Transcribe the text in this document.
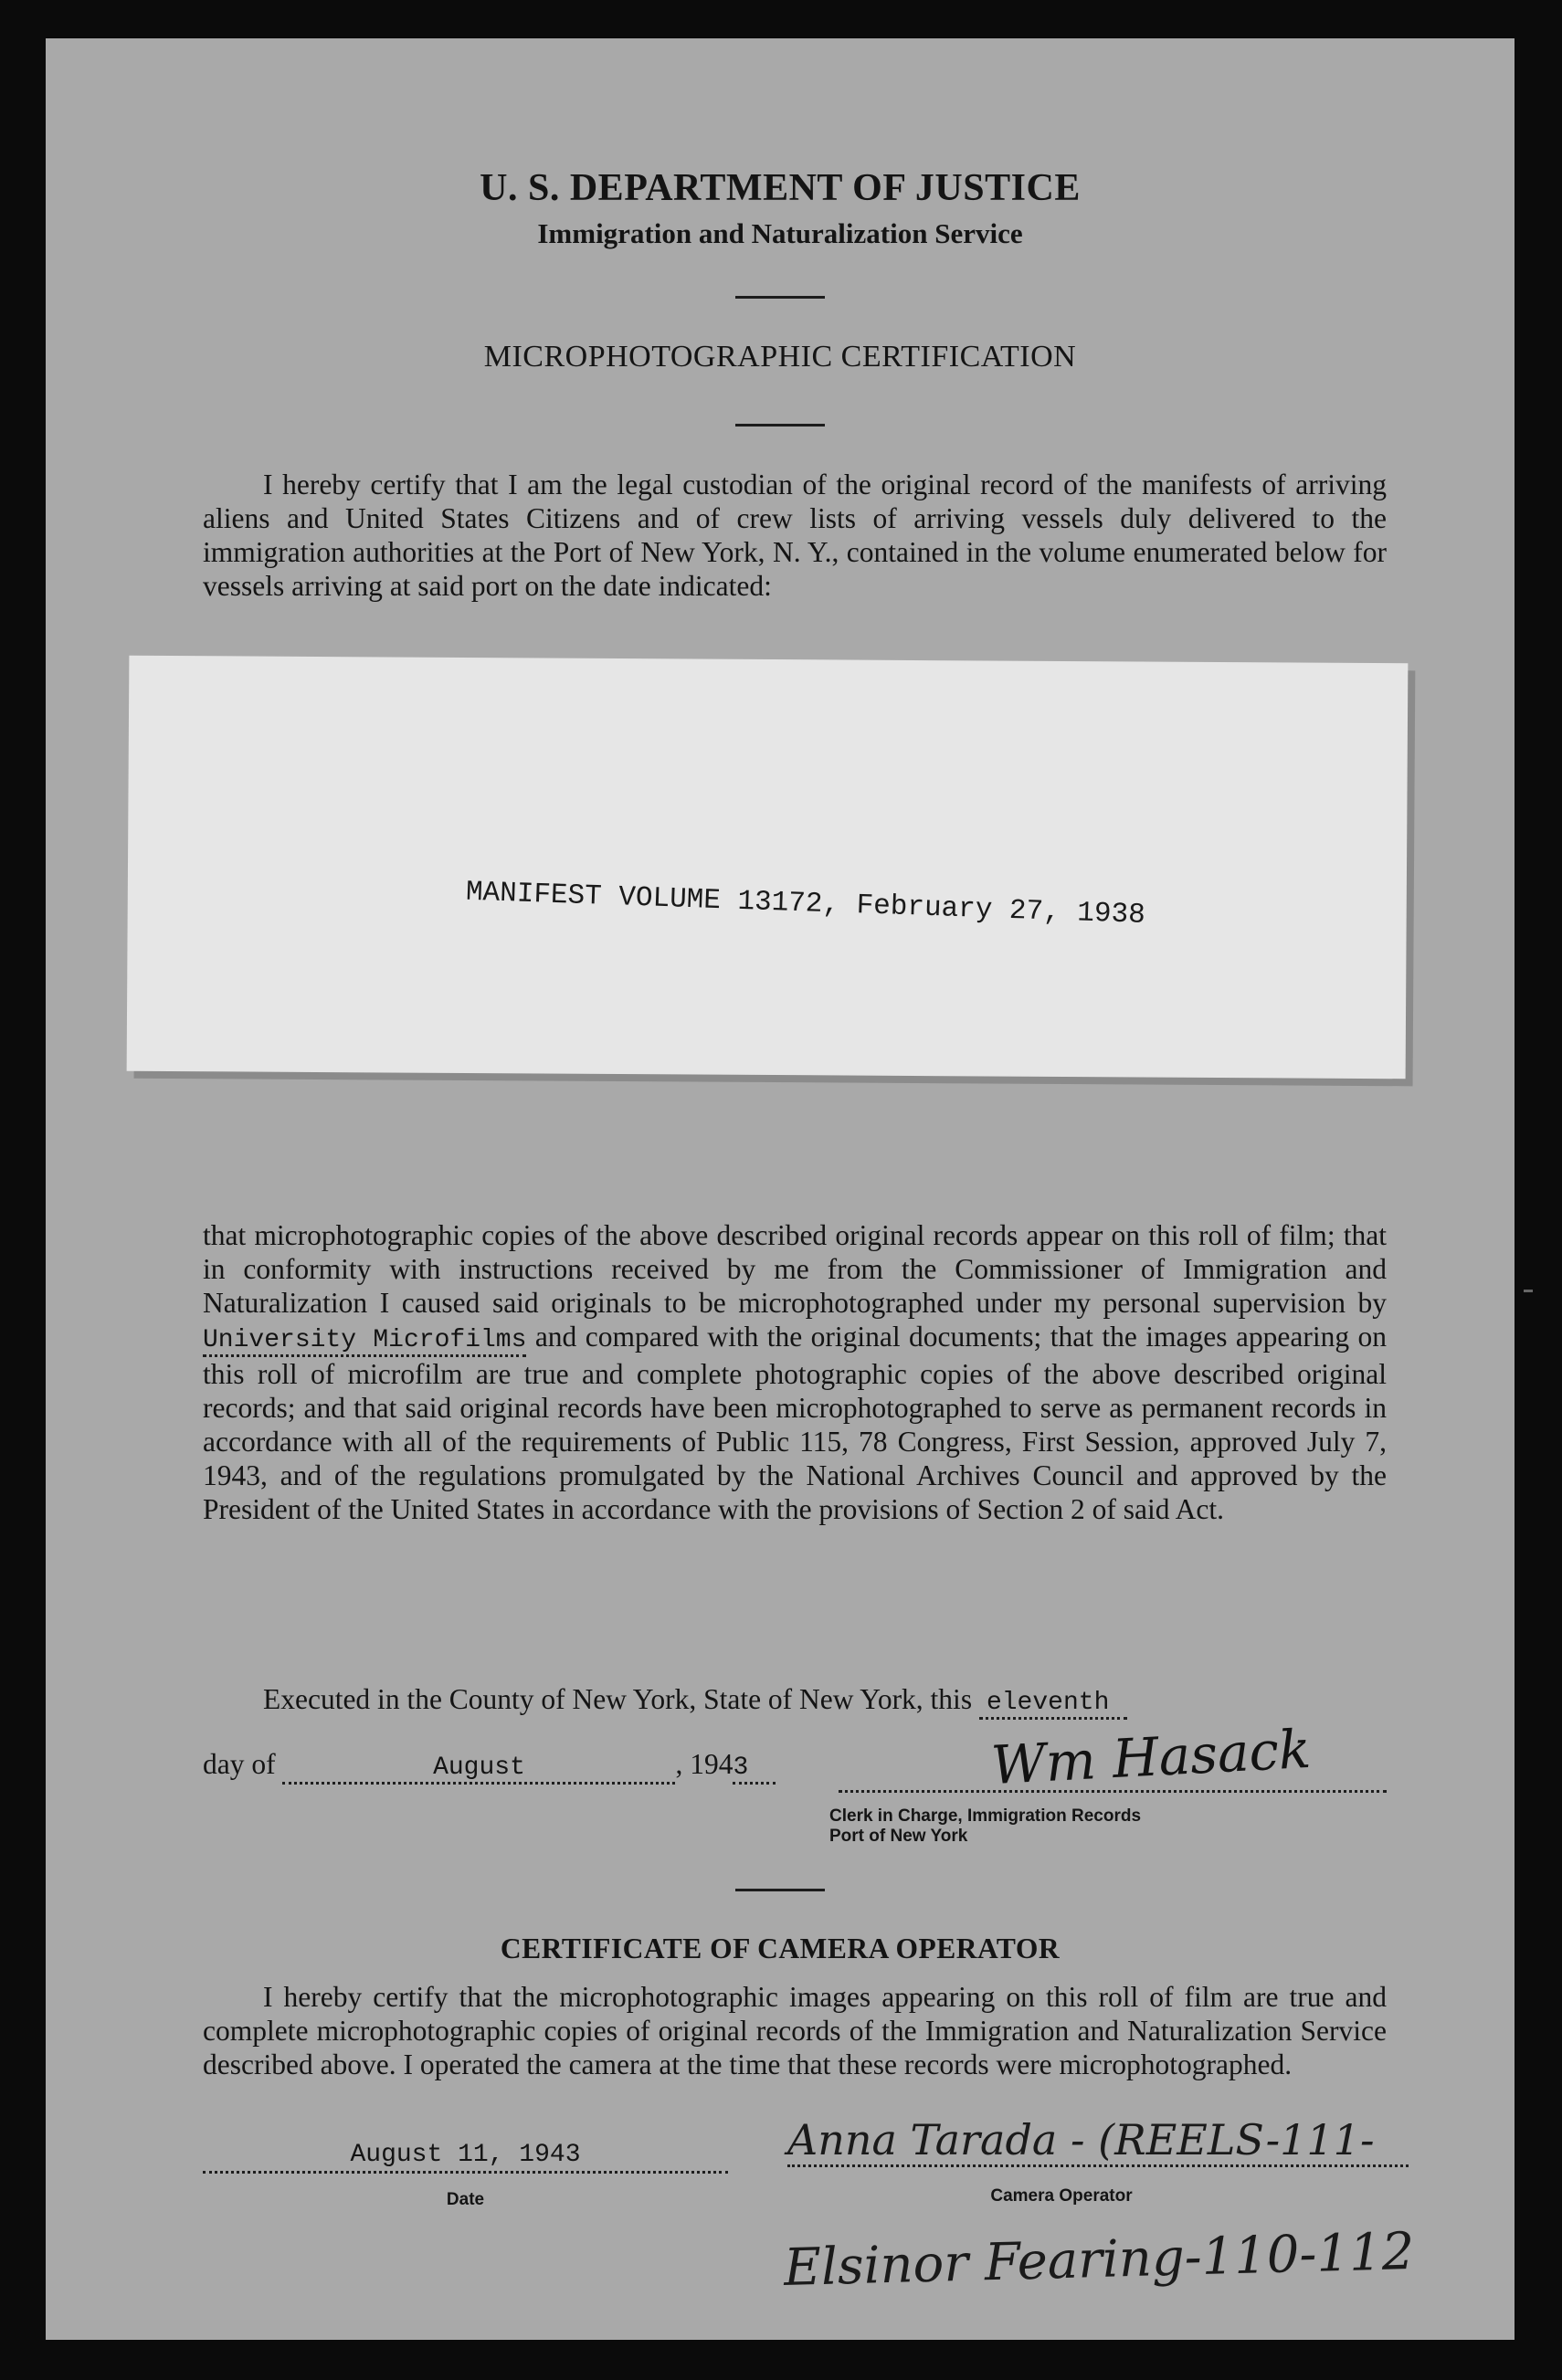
U. S. DEPARTMENT OF JUSTICE
Immigration and Naturalization Service
MICROPHOTOGRAPHIC CERTIFICATION

I hereby certify that I am the legal custodian of the original record of the manifests of arriving aliens and United States Citizens and of crew lists of arriving vessels duly delivered to the immigration authorities at the Port of New York, N. Y., contained in the volume enumerated below for vessels arriving at said port on the date indicated:

MANIFEST VOLUME 13172, February 27, 1938

that microphotographic copies of the above described original records appear on this roll of film; that in conformity with instructions received by me from the Commissioner of Immigration and Naturalization I caused said originals to be microphotographed under my personal supervision by University Microfilms and compared with the original documents; that the images appearing on this roll of microfilm are true and complete photographic copies of the above described original records; and that said original records have been microphotographed to serve as permanent records in accordance with all of the requirements of Public 115, 78 Congress, First Session, approved July 7, 1943, and of the regulations promulgated by the National Archives Council and approved by the President of the United States in accordance with the provisions of Section 2 of said Act.

Executed in the County of New York, State of New York, this eleventh

day of	August	, 1943	Wm Hasack
Clerk in Charge, Immigration Records
Port of New York
CERTIFICATE OF CAMERA OPERATOR

I hereby certify that the microphotographic images appearing on this roll of film are true and complete microphotographic copies of original records of the Immigration and Naturalization Service described above. I operated the camera at the time that these records were microphotographed.

August 11, 1943
Date
Anna Tarada - (REELS-111-
Camera Operator
Elsinor Fearing-110-112
